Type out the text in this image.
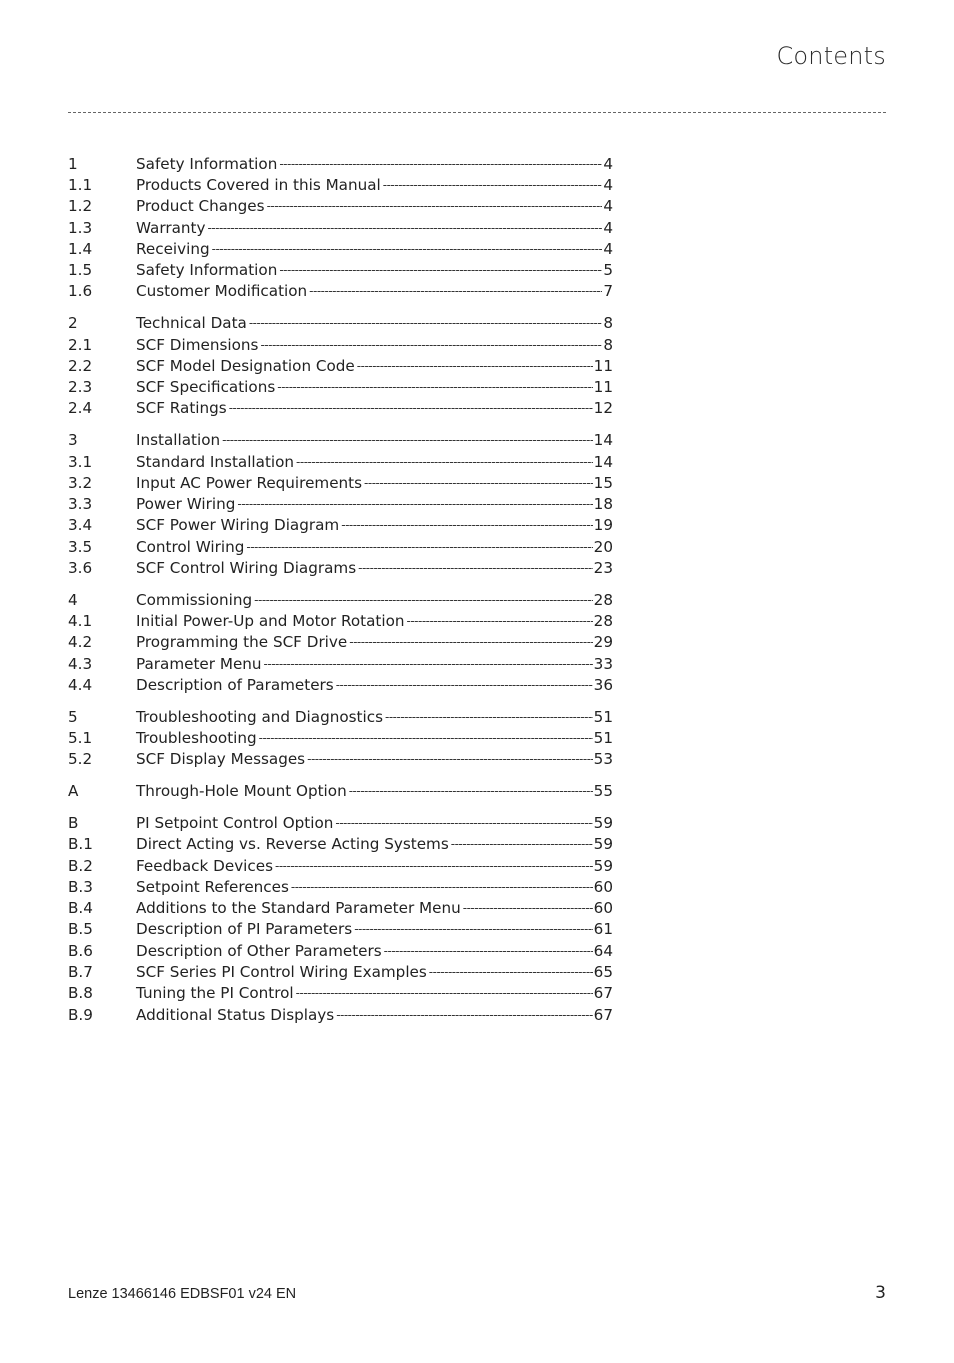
Contents
1	Safety Information -----	4
1.1	Products Covered in this Manual -----	4
1.2	Product Changes -----	4
1.3	Warranty -----	4
1.4	Receiving -----	4
1.5	Safety Information -----	5
1.6	Customer Modification -----	7
2	Technical Data -----	8
2.1	SCF Dimensions -----	8
2.2	SCF Model Designation Code -----	11
2.3	SCF Specifications -----	11
2.4	SCF Ratings -----	12
3	Installation -----	14
3.1	Standard Installation -----	14
3.2	Input AC Power Requirements -----	15
3.3	Power Wiring -----	18
3.4	SCF Power Wiring Diagram -----	19
3.5	Control Wiring -----	20
3.6	SCF Control Wiring Diagrams -----	23
4	Commissioning -----	28
4.1	Initial Power-Up and Motor Rotation -----	28
4.2	Programming the SCF Drive -----	29
4.3	Parameter Menu -----	33
4.4	Description of Parameters -----	36
5	Troubleshooting and Diagnostics -----	51
5.1	Troubleshooting -----	51
5.2	SCF Display Messages -----	53
A	Through-Hole Mount Option -----	55
B	PI Setpoint Control Option -----	59
B.1	Direct Acting vs. Reverse Acting Systems -----	59
B.2	Feedback Devices -----	59
B.3	Setpoint References -----	60
B.4	Additions to the Standard Parameter Menu -----	60
B.5	Description of PI Parameters -----	61
B.6	Description of Other Parameters -----	64
B.7	SCF Series PI Control Wiring Examples -----	65
B.8	Tuning the PI Control -----	67
B.9	Additional Status Displays -----	67
Lenze 13466146 EDBSF01 v24 EN	3
